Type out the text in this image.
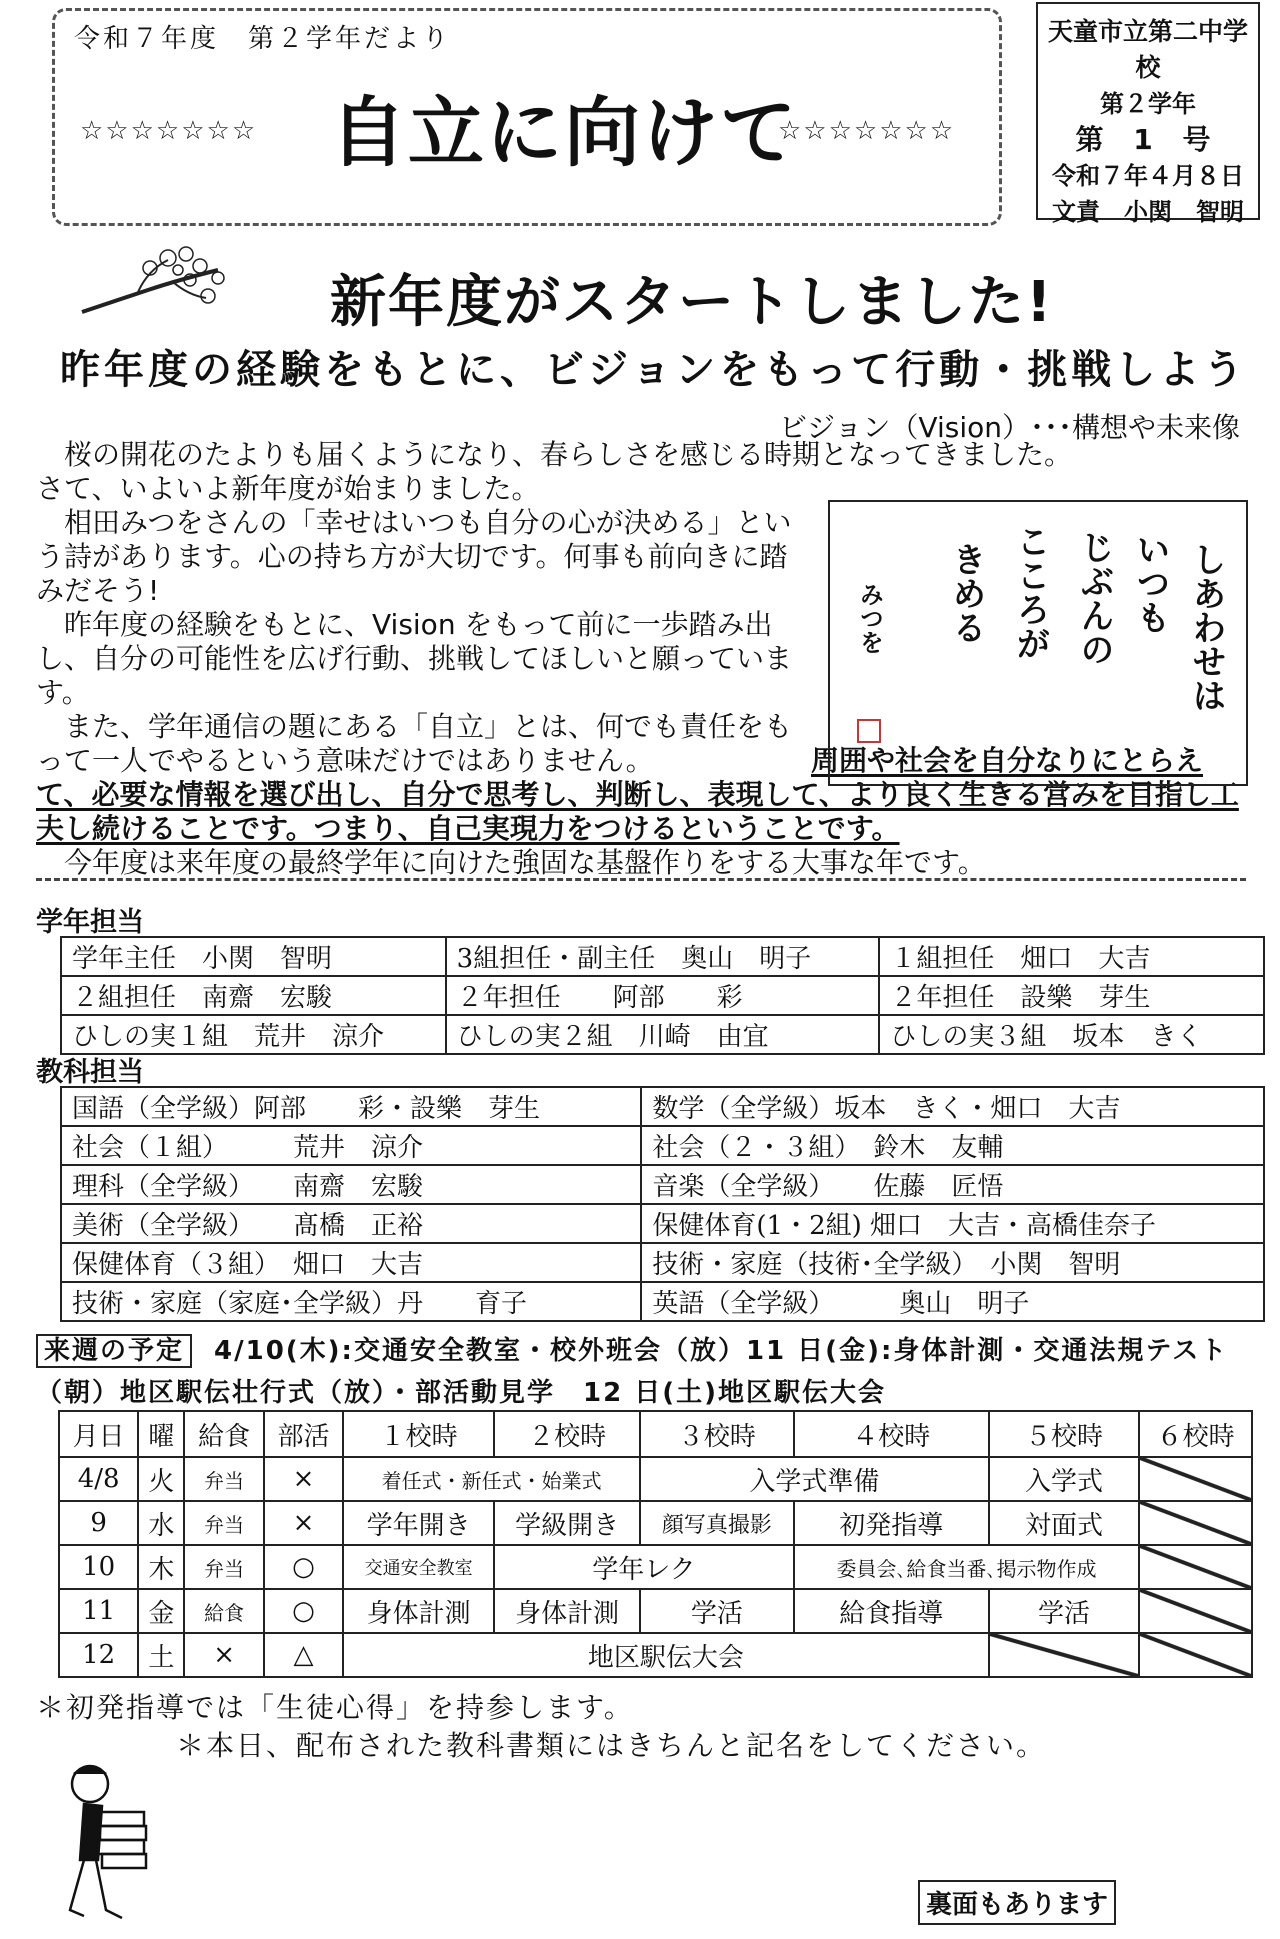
令和７年度　第２学年だより
☆☆☆☆☆☆☆ 自立に向けて
☆☆☆☆☆☆☆
天童市立第二中学校
第２学年
第 1 号
令和７年４月８日
文責　小関　智明
新年度がスタートしました!
昨年度の経験をもとに、ビジョンをもって行動・挑戦しよう
ビジョン（Vision）･･･構想や未来像

　桜の開花のたよりも届くようになり、春らしさを感じる時期となってきました。

さて、いよいよ新年度が始まりました。

　相田みつをさんの「幸せはいつも自分の心が決める」という詩があります。心の持ち方が大切です。何事も前向きに踏みだそう!

　昨年度の経験をもとに、Vision をもって前に一歩踏み出し、自分の可能性を広げ行動、挑戦してほしいと願っています。

　また、学年通信の題にある「自立」とは、何でも責任をもって一人でやるという意味だけではありません。	周囲や社会を自分なりにとらえて、必要な情報を選び出し、自分で思考し、判断し、表現して、より良く生きる営みを目指し工夫し続けることです。つまり、自己実現力をつけるということです。

　今年度は来年度の最終学年に向けた強固な基盤作りをする大事な年です。

しあわせは
いつも
じぶんの
こころが
きめる
みつを
学年担当
学年主任　小関　智明	3組担任・副主任　奥山　明子	１組担任　畑口　大吉
２組担任　南齋　宏駿	２年担任　　阿部　　彩	２年担任　設樂　芽生
ひしの実１組　荒井　涼介	ひしの実２組　川崎　由宜	ひしの実３組　坂本　きく
教科担当
国語（全学級）阿部　　彩・設樂　芽生	数学（全学級）坂本　きく・畑口　大吉
社会（１組）　　　荒井　涼介	社会（２・３組）　鈴木　友輔
理科（全学級）　　南齋　宏駿	音楽（全学級）　　佐藤　匠悟
美術（全学級）　　髙橋　正裕	保健体育(1・2組) 畑口　大吉・高橋佳奈子
保健体育（３組）　畑口　大吉	技術・家庭（技術･全学級）　小関　智明
技術・家庭（家庭･全学級）丹　　育子	英語（全学級）　　　奥山　明子
来週の予定 4/10(木):交通安全教室・校外班会（放）11 日(金):身体計測・交通法規テスト（朝）地区駅伝壮行式（放）・部活動見学　12 日(土)地区駅伝大会
月日	曜	給食	部活	１校時	２校時	３校時	４校時	５校時	６校時
4/8	火	弁当	×	着任式・新任式・始業式		入学式準備		入学式	
9	水	弁当	×	学年開き	学級開き	顔写真撮影	初発指導	対面式	
10	木	弁当	○	交通安全教室	学年レク		委員会､給食当番､掲示物作成		
11	金	給食	○	身体計測	身体計測	学活	給食指導	学活	
12	土	×	△	地区駅伝大会					
＊初発指導では「生徒心得」を持参します。
＊本日、配布された教科書類にはきちんと記名をしてください。
裏面もあります
